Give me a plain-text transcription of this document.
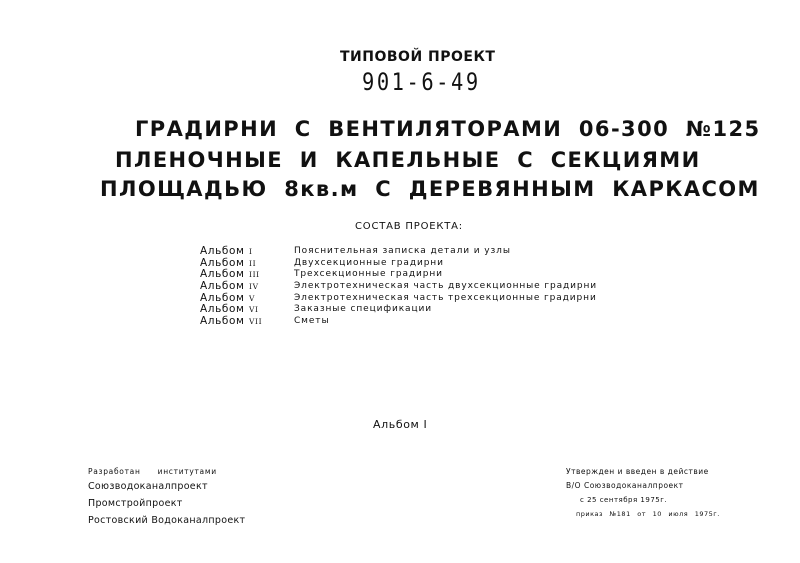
ТИПОВОЙ ПРОЕКТ
901-6-49
ГРАДИРНИ С ВЕНТИЛЯТОРАМИ 06-300 №125
ПЛЕНОЧНЫЕ И КАПЕЛЬНЫЕ С СЕКЦИЯМИ
ПЛОЩАДЬЮ 8кв.м С ДЕРЕВЯННЫМ КАРКАСОМ
СОСТАВ ПРОЕКТА:
Альбом I	Пояснительная записка детали и узлы
Альбом II	Двухсекционные градирни
Альбом III	Трехсекционные градирни
Альбом IV	Электротехническая часть двухсекционные градирни
Альбом V	Электротехническая часть трехсекционные градирни
Альбом VI	Заказные спецификации
Альбом VII	Сметы
Альбом I
Разработан институтами
Союзводоканалпроект
Промстройпроект
Ростовский Водоканалпроект
Утвержден и введен в действие
В/О Союзводоканалпроект
с 25 сентября 1975г.
приказ №181 от 10 июля 1975г.
